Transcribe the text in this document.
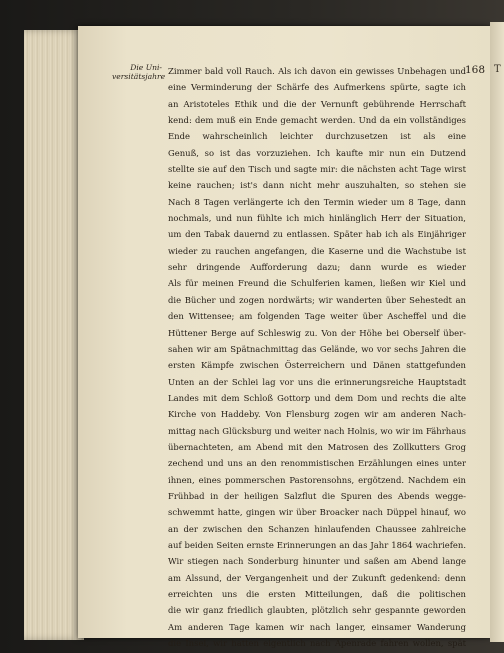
T
168
Die Uni-
versitätsjahre
Zimmer bald voll Rauch. Als ich davon ein gewisses Unbehagen und
eine Verminderung der Schärfe des Aufmerkens spürte, sagte ich
an Aristoteles Ethik und die der Vernunft gebührende Herrschaft
kend: dem muß ein Ende gemacht werden. Und da ein vollständiges
Ende wahrscheinlich leichter durchzusetzen ist als eine
Genuß, so ist das vorzuziehen. Ich kaufte mir nun ein Dutzend
stellte sie auf den Tisch und sagte mir: die nächsten acht Tage wirst
keine rauchen; ist's dann nicht mehr auszuhalten, so stehen sie
Nach 8 Tagen verlängerte ich den Termin wieder um 8 Tage, dann
nochmals, und nun fühlte ich mich hinlänglich Herr der Situation,
um den Tabak dauernd zu entlassen. Später hab ich als Einjähriger
wieder zu rauchen angefangen, die Kaserne und die Wachstube ist
sehr dringende Aufforderung dazu; dann wurde es wieder
Als für meinen Freund die Schulferien kamen, ließen wir Kiel und
die Bücher und zogen nordwärts; wir wanderten über Sehestedt an
den Wittensee; am folgenden Tage weiter über Ascheffel und die
Hüttener Berge auf Schleswig zu. Von der Höhe bei Oberself über-
sahen wir am Spätnachmittag das Gelände, wo vor sechs Jahren die
ersten Kämpfe zwischen Österreichern und Dänen stattgefunden
Unten an der Schlei lag vor uns die erinnerungsreiche Hauptstadt
Landes mit dem Schloß Gottorp und dem Dom und rechts die alte
Kirche von Haddeby. Von Flensburg zogen wir am anderen Nach-
mittag nach Glücksburg und weiter nach Holnis, wo wir im Fährhaus
übernachteten, am Abend mit den Matrosen des Zollkutters Grog
zechend und uns an den renommistischen Erzählungen eines unter
ihnen, eines pommerschen Pastorensohns, ergötzend. Nachdem ein
Frühbad in der heiligen Salzflut die Spuren des Abends wegge-
schwemmt hatte, gingen wir über Broacker nach Düppel hinauf, wo
an der zwischen den Schanzen hinlaufenden Chaussee zahlreiche
auf beiden Seiten ernste Erinnerungen an das Jahr 1864 wachriefen.
Wir stiegen nach Sonderburg hinunter und saßen am Abend lange
am Alssund, der Vergangenheit und der Zukunft gedenkend: denn
erreichten uns die ersten Mitteilungen, daß die politischen
die wir ganz friedlich glaubten, plötzlich sehr gespannte geworden
Am anderen Tage kamen wir nach langer, einsamer Wanderung
die Insel, wir hatten eigentlich nach Apenrade fahren wollen, spät
